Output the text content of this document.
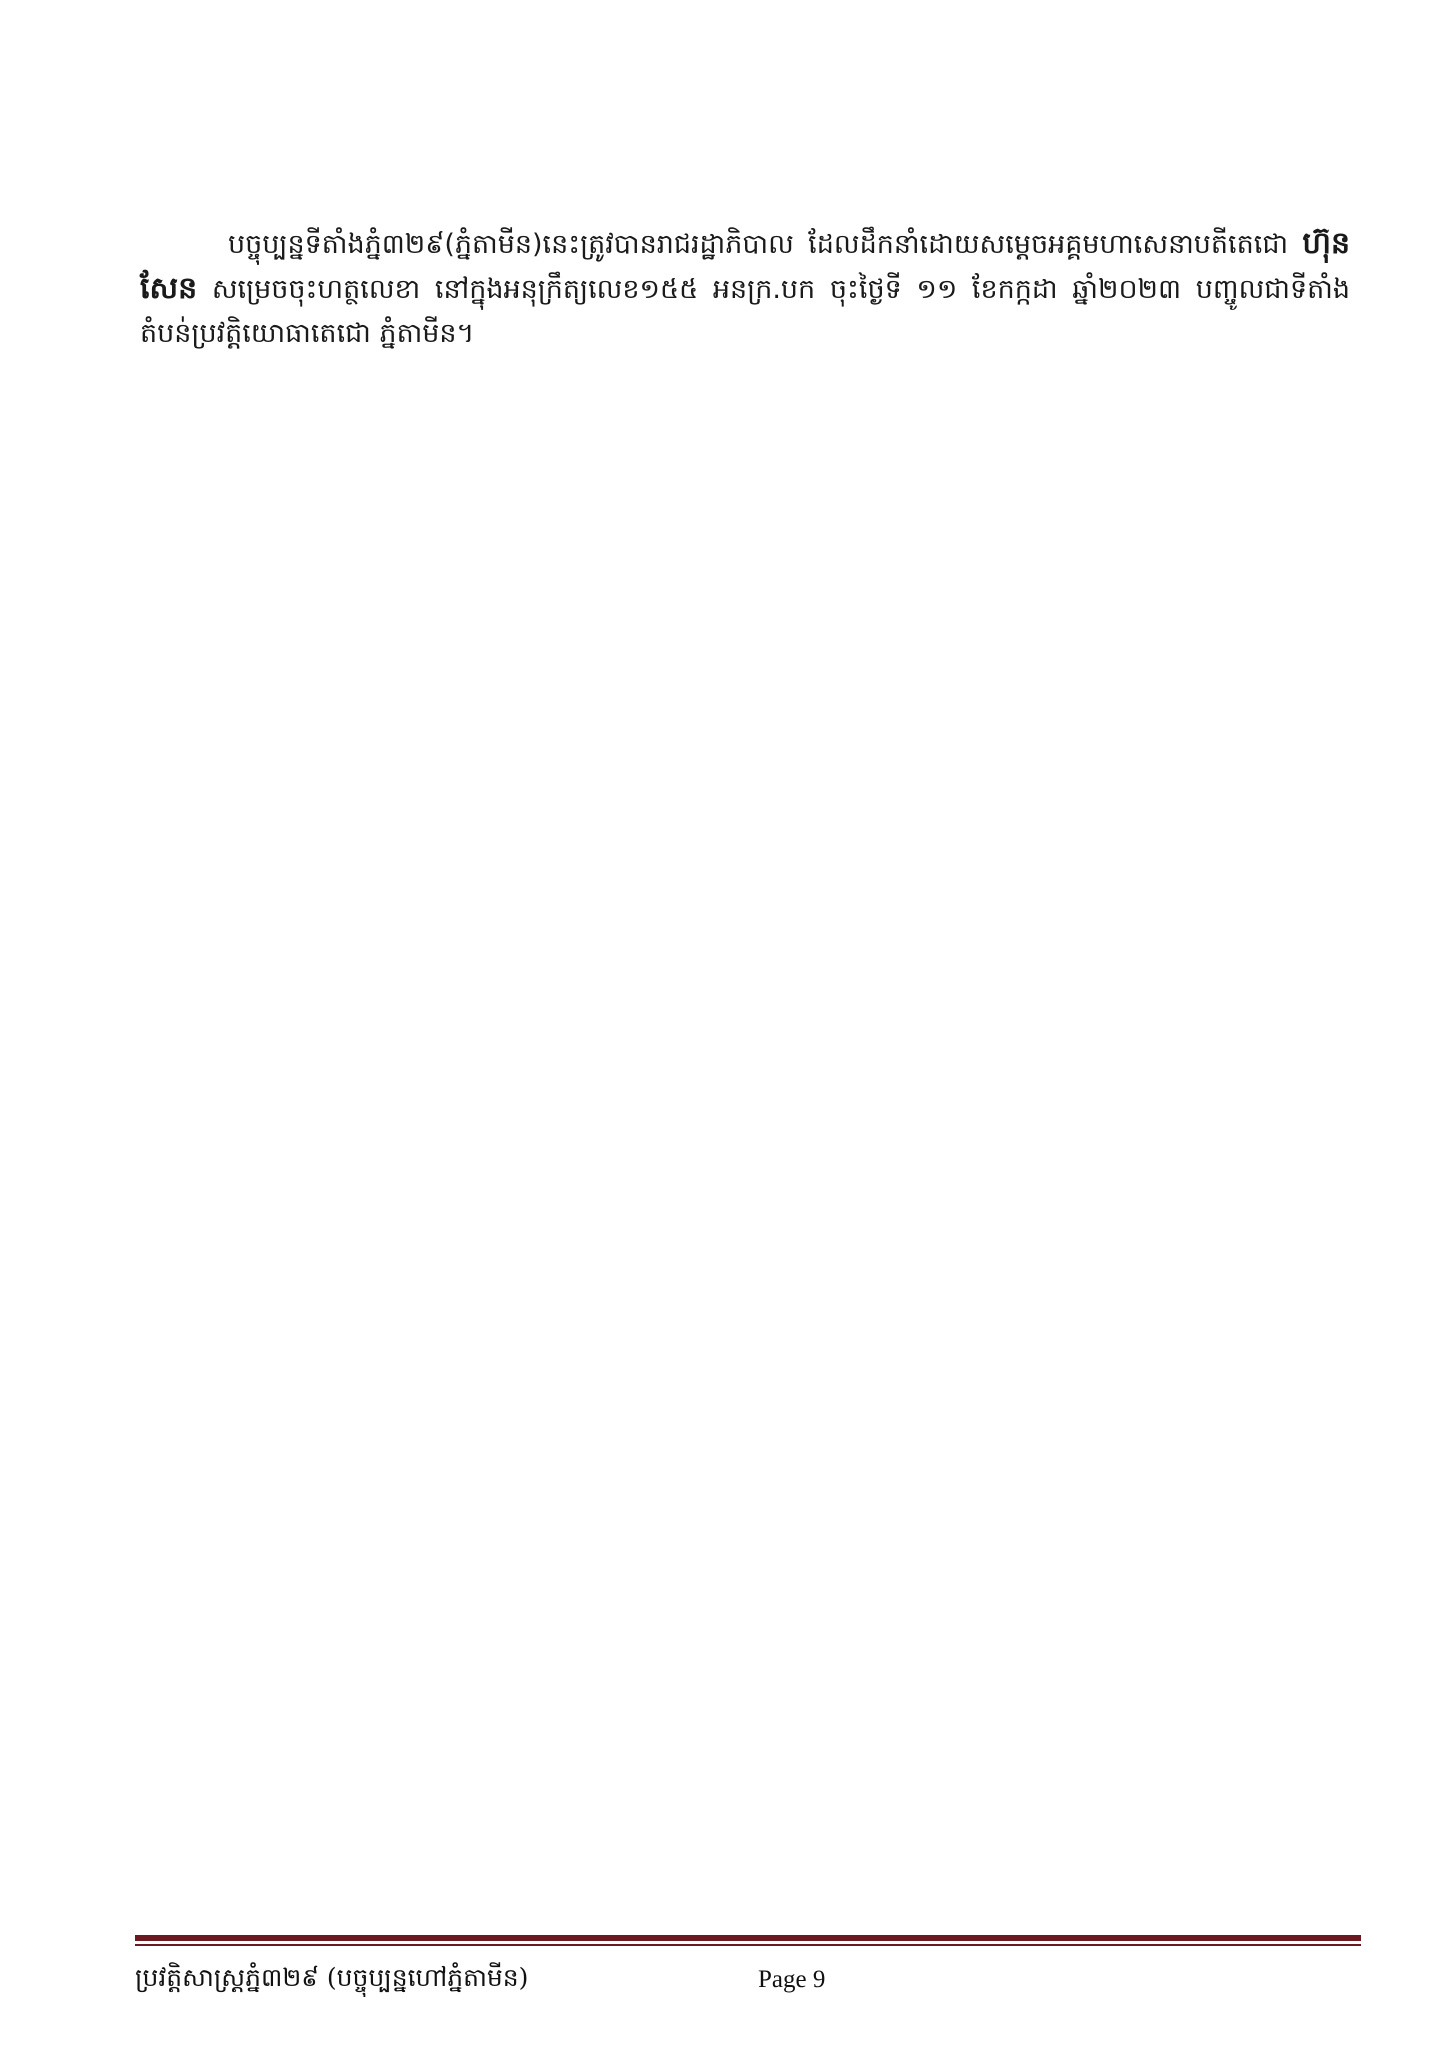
បច្ចុប្បន្នទីតាំងភ្នំ៣២៩(ភ្នំតាមីន)នេះត្រូវបានរាជរដ្ឋាភិបាល ដែលដឹកនាំដោយសម្តេចអគ្គមហាសេនាបតីតេជោ ហ៊ុន សែន សម្រេចចុះហត្ថលេខា នៅក្នុងអនុក្រឹត្យលេខ១៥៥ អនក្រ.បក ចុះថ្ងៃទី ១១ ខែកក្កដា ឆ្នាំ២០២៣ បញ្ចូលជាទីតាំងតំបន់ប្រវត្តិយោធាតេជោ ភ្នំតាមីន។

ប្រវត្តិសាស្ត្រភ្នំ៣២៩ (បច្ចុប្បន្នហៅភ្នំតាមីន)	Page 9
